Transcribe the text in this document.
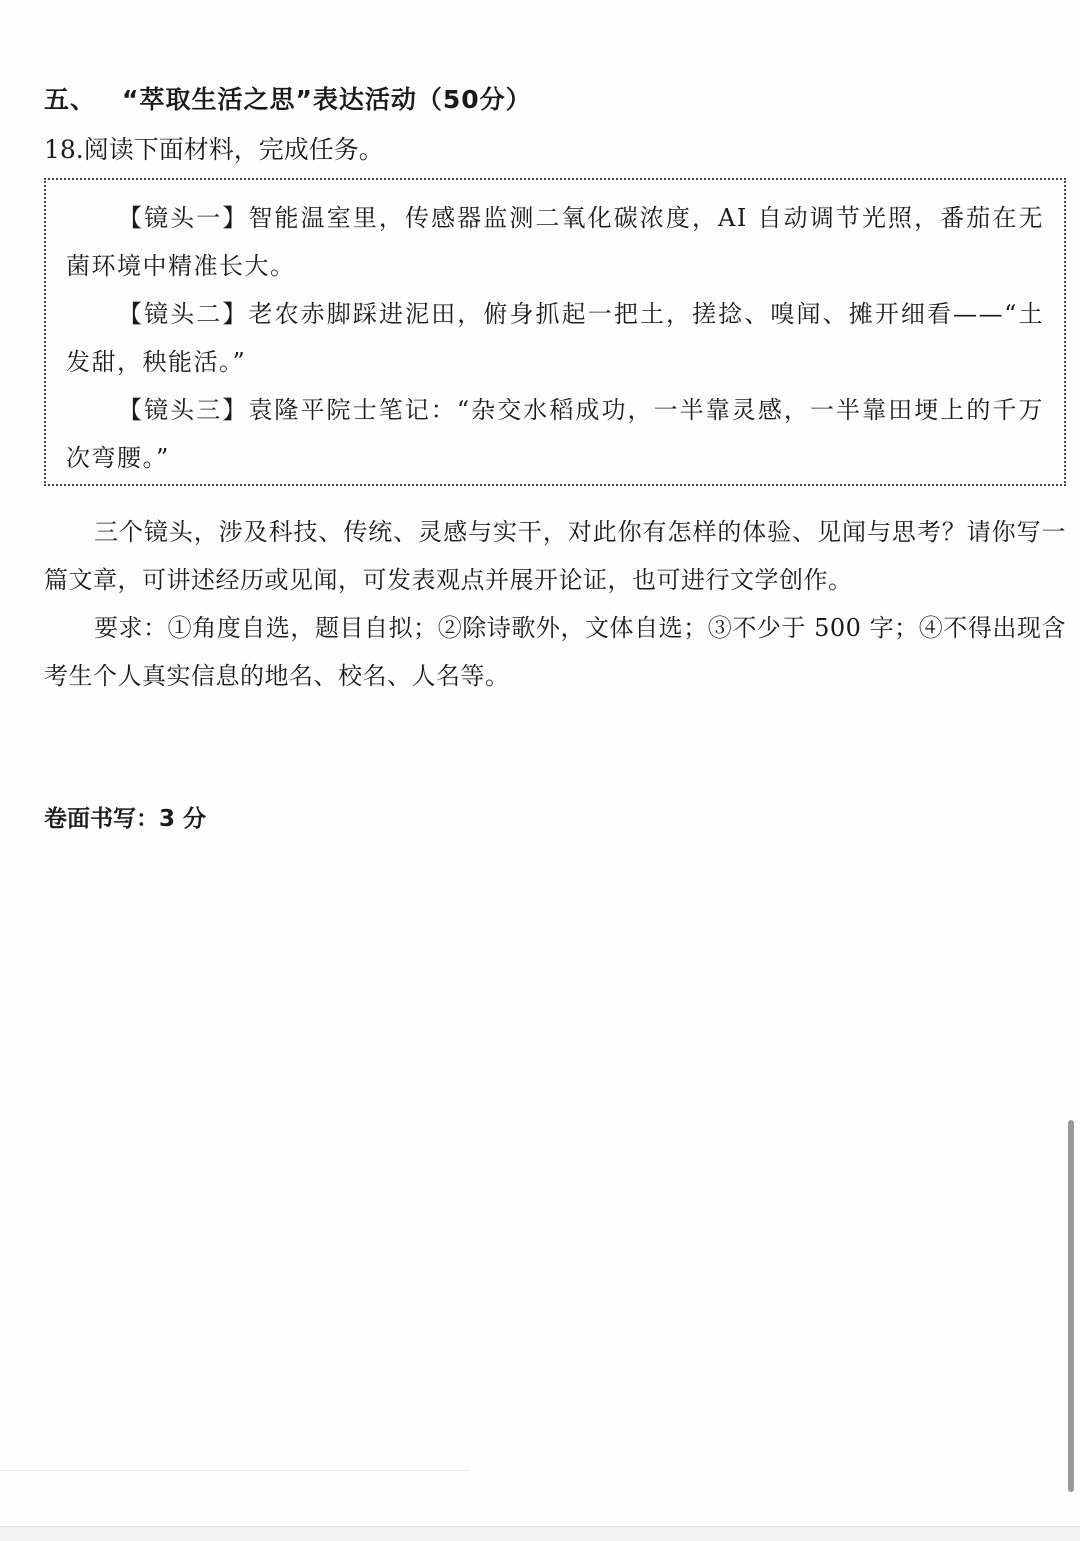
五、 “萃取生活之思”表达活动（50分）
18.阅读下面材料，完成任务。

【镜头一】智能温室里，传感器监测二氧化碳浓度，AI 自动调节光照，番茄在无菌环境中精准长大。

【镜头二】老农赤脚踩进泥田，俯身抓起一把土，搓捻、嗅闻、摊开细看——“土发甜，秧能活。”

【镜头三】袁隆平院士笔记：“杂交水稻成功，一半靠灵感，一半靠田埂上的千万次弯腰。”

三个镜头，涉及科技、传统、灵感与实干，对此你有怎样的体验、见闻与思考？请你写一篇文章，可讲述经历或见闻，可发表观点并展开论证，也可进行文学创作。

要求：①角度自选，题目自拟；②除诗歌外，文体自选；③不少于 500 字；④不得出现含考生个人真实信息的地名、校名、人名等。

卷面书写：3 分
